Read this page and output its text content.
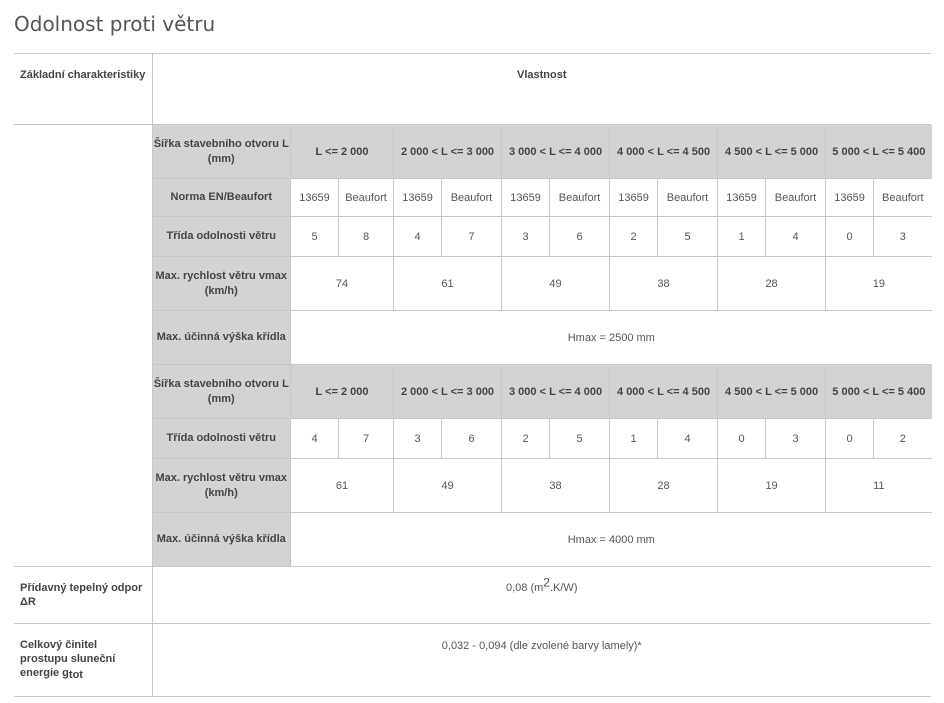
Odolnost proti větru
Základní charakteristiky	Vlastnost

Šířka stavebního otvoru L (mm)	L <= 2 000	2 000 < L <= 3 000	3 000 < L <= 4 000	4 000 < L <= 4 500	4 500 < L <= 5 000	5 000 < L <= 5 400
Norma EN/Beaufort	13659	Beaufort	13659	Beaufort	13659	Beaufort	13659	Beaufort	13659	Beaufort	13659	Beaufort
Třída odolnosti větru	5	8	4	7	3	6	2	5	1	4	0	3
Max. rychlost větru vmax (km/h)	74	61	49	38	28	19
Max. účinná výška křídla	Hmax = 2500 mm
Šířka stavebního otvoru L (mm)	L <= 2 000	2 000 < L <= 3 000	3 000 < L <= 4 000	4 000 < L <= 4 500	4 500 < L <= 5 000	5 000 < L <= 5 400
Třída odolnosti větru	4	7	3	6	2	5	1	4	0	3	0	2
Max. rychlost větru vmax (km/h)	61	49	38	28	19	11
Max. účinná výška křídla	Hmax = 4000 mm

Přídavný tepelný odpor ΔR	0,08 $(m^2.K/W)$
Celkový činitel prostupu sluneční energie $g_{tot}$	0,032 - 0,094 (dle zvolené barvy lamely)*
